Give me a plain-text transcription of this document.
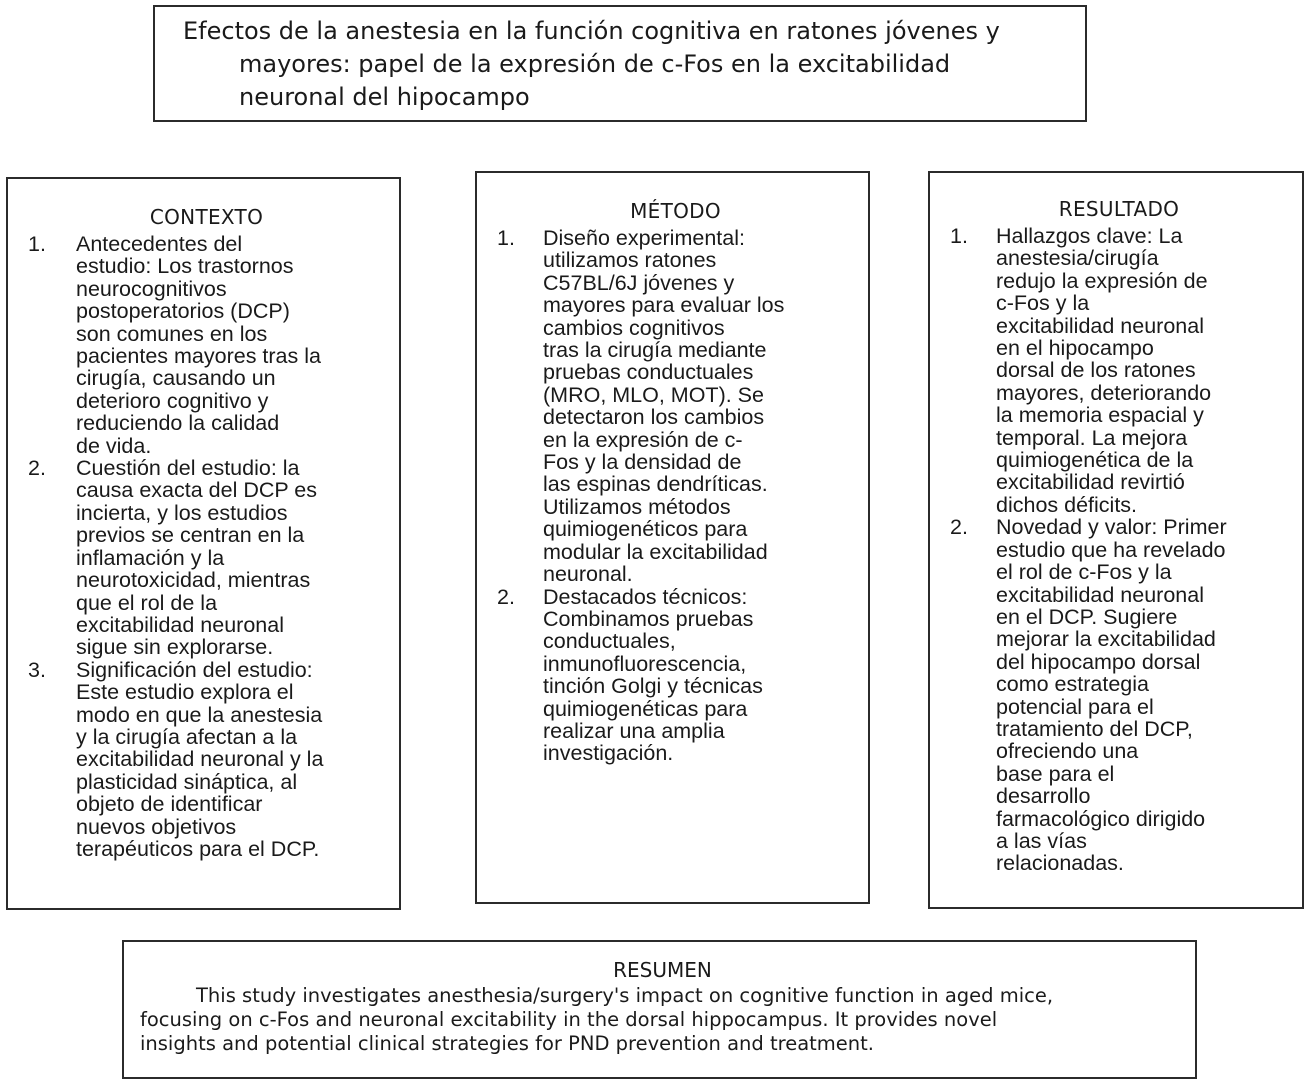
Efectos de la anestesia en la función cognitiva en ratones jóvenes y
mayores: papel de la expresión de c-Fos en la excitabilidad
neuronal del hipocampo
CONTEXTO
1.	Antecedentes del
estudio: Los trastornos
neurocognitivos
postoperatorios (DCP)
son comunes en los
pacientes mayores tras la
cirugía, causando un
deterioro cognitivo y
reduciendo la calidad
de vida.
2.	Cuestión del estudio: la
causa exacta del DCP es
incierta, y los estudios
previos se centran en la
inflamación y la
neurotoxicidad, mientras
que el rol de la
excitabilidad neuronal
sigue sin explorarse.
3.	Significación del estudio:
Este estudio explora el
modo en que la anestesia
y la cirugía afectan a la
excitabilidad neuronal y la
plasticidad sináptica, al
objeto de identificar
nuevos objetivos
terapéuticos para el DCP.
MÉTODO
1.	Diseño experimental:
utilizamos ratones
C57BL/6J jóvenes y
mayores para evaluar los
cambios cognitivos
tras la cirugía mediante
pruebas conductuales
(MRO, MLO, MOT). Se
detectaron los cambios
en la expresión de c-
Fos y la densidad de
las espinas dendríticas.
Utilizamos métodos
quimiogenéticos para
modular la excitabilidad
neuronal.
2.	Destacados técnicos:
Combinamos pruebas
conductuales,
inmunofluorescencia,
tinción Golgi y técnicas
quimiogenéticas para
realizar una amplia
investigación.
RESULTADO
1.	Hallazgos clave: La
anestesia/cirugía
redujo la expresión de
c-Fos y la
excitabilidad neuronal
en el hipocampo
dorsal de los ratones
mayores, deteriorando
la memoria espacial y
temporal. La mejora
quimiogenética de la
excitabilidad revirtió
dichos déficits.
2.	Novedad y valor: Primer
estudio que ha revelado
el rol de c-Fos y la
excitabilidad neuronal
en el DCP. Sugiere
mejorar la excitabilidad
del hipocampo dorsal
como estrategia
potencial para el
tratamiento del DCP,
ofreciendo una
base para el
desarrollo
farmacológico dirigido
a las vías
relacionadas.
RESUMEN
This study investigates anesthesia/surgery's impact on cognitive function in aged mice,
focusing on c-Fos and neuronal excitability in the dorsal hippocampus. It provides novel
insights and potential clinical strategies for PND prevention and treatment.
